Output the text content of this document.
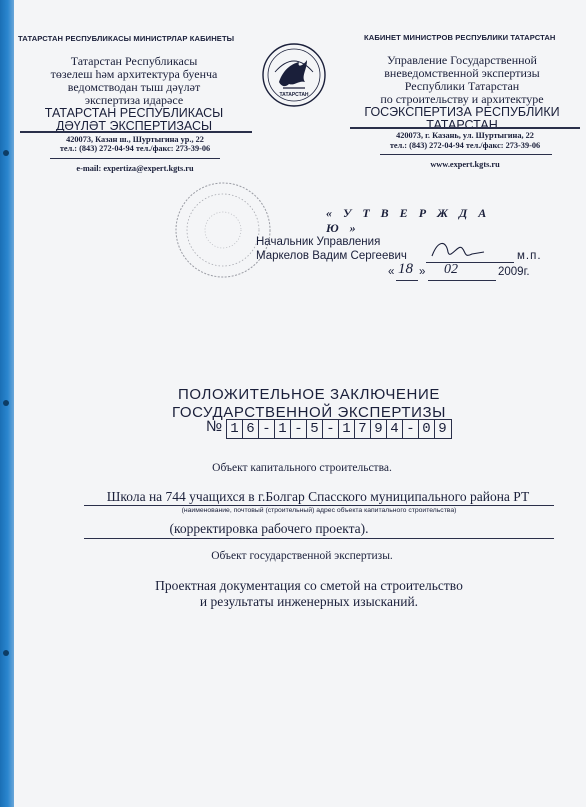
ТАТАРСТАН РЕСПУБЛИКАСЫ МИНИСТРЛАР КАБИНЕТЫ
Татарстан Республикасы
төзелеш һәм архитектура буенча
ведомстводан тыш дәүләт
экспертиза идарәсе
ТАТАРСТАН РЕСПУБЛИКАСЫ
ДӘҮЛӘТ ЭКСПЕРТИЗАСЫ
420073, Казан ш., Шуртыгина ур., 22
тел.: (843) 272-04-94 тел./факс: 273-39-06
e-mail: expertiza@expert.kgts.ru
ТАТАРСТАН
КАБИНЕТ МИНИСТРОВ РЕСПУБЛИКИ ТАТАРСТАН
Управление Государственной
вневедомственной экспертизы
Республики Татарстан
по строительству и архитектуре
ГОСЭКСПЕРТИЗА РЕСПУБЛИКИ
ТАТАРСТАН
420073, г. Казань, ул. Шуртыгина, 22
тел.: (843) 272-04-94 тел./факс: 273-39-06
www.expert.kgts.ru
« У Т В Е Р Ж Д А Ю »
Начальник Управления
Маркелов Вадим Сергеевич	м.п.
« 18 » 02	2009г.
ПОЛОЖИТЕЛЬНОЕ ЗАКЛЮЧЕНИЕ
ГОСУДАРСТВЕННОЙ ЭКСПЕРТИЗЫ
№ 1 6 - 1 - 5 - 1 7 9 4 - 0 9
Объект капитального строительства.
Школа на 744 учащихся в г.Болгар Спасского муниципального района РТ
(наименование, почтовый (строительный) адрес объекта капитального строительства)
(корректировка рабочего проекта).
Объект государственной экспертизы.
Проектная документация со сметой на строительство
и результаты инженерных изысканий.
